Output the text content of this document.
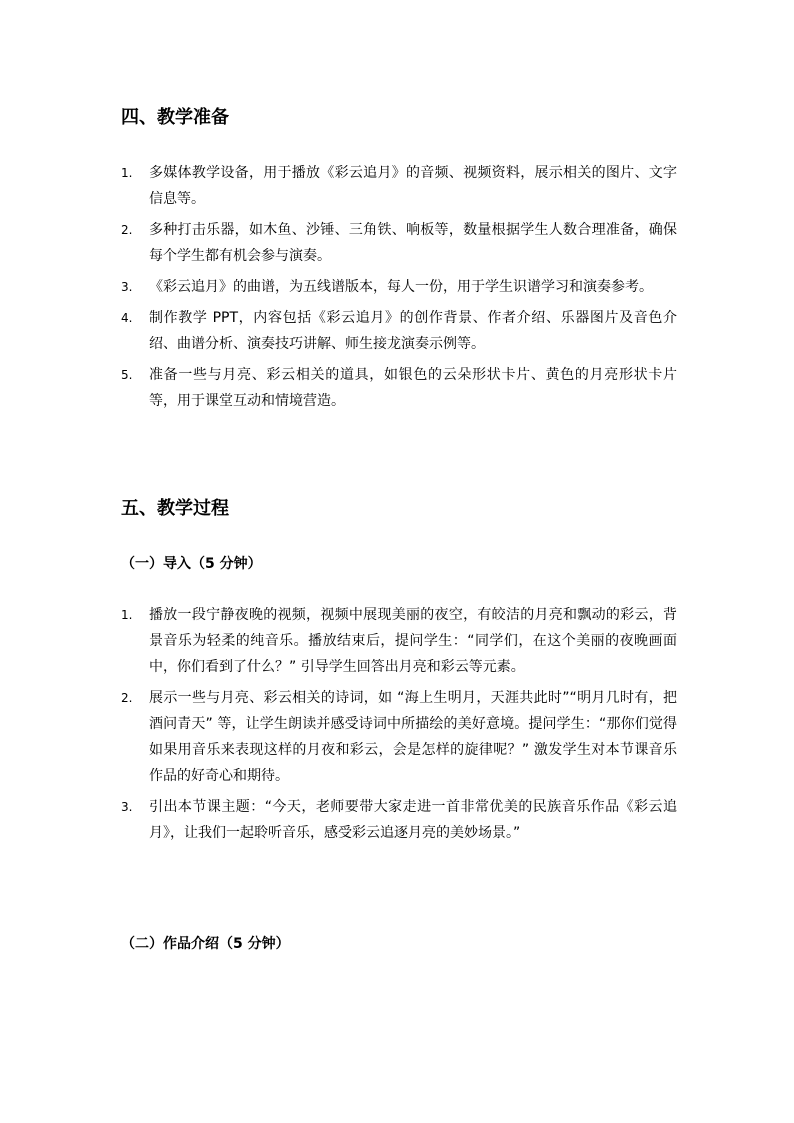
四、教学准备
1. 多媒体教学设备，用于播放《彩云追月》的音频、视频资料，展示相关的图片、文字信息等。
2. 多种打击乐器，如木鱼、沙锤、三角铁、响板等，数量根据学生人数合理准备，确保每个学生都有机会参与演奏。
3. 《彩云追月》的曲谱，为五线谱版本，每人一份，用于学生识谱学习和演奏参考。
4. 制作教学 PPT，内容包括《彩云追月》的创作背景、作者介绍、乐器图片及音色介绍、曲谱分析、演奏技巧讲解、师生接龙演奏示例等。
5. 准备一些与月亮、彩云相关的道具，如银色的云朵形状卡片、黄色的月亮形状卡片等，用于课堂互动和情境营造。
五、教学过程
（一）导入（5 分钟）
1. 播放一段宁静夜晚的视频，视频中展现美丽的夜空，有皎洁的月亮和飘动的彩云，背景音乐为轻柔的纯音乐。播放结束后，提问学生：“同学们，在这个美丽的夜晚画面中，你们看到了什么？” 引导学生回答出月亮和彩云等元素。
2. 展示一些与月亮、彩云相关的诗词，如 “海上生明月，天涯共此时”“明月几时有，把酒问青天” 等，让学生朗读并感受诗词中所描绘的美好意境。提问学生：“那你们觉得如果用音乐来表现这样的月夜和彩云，会是怎样的旋律呢？” 激发学生对本节课音乐作品的好奇心和期待。
3. 引出本节课主题：“今天，老师要带大家走进一首非常优美的民族音乐作品《彩云追月》，让我们一起聆听音乐，感受彩云追逐月亮的美妙场景。”
（二）作品介绍（5 分钟）
